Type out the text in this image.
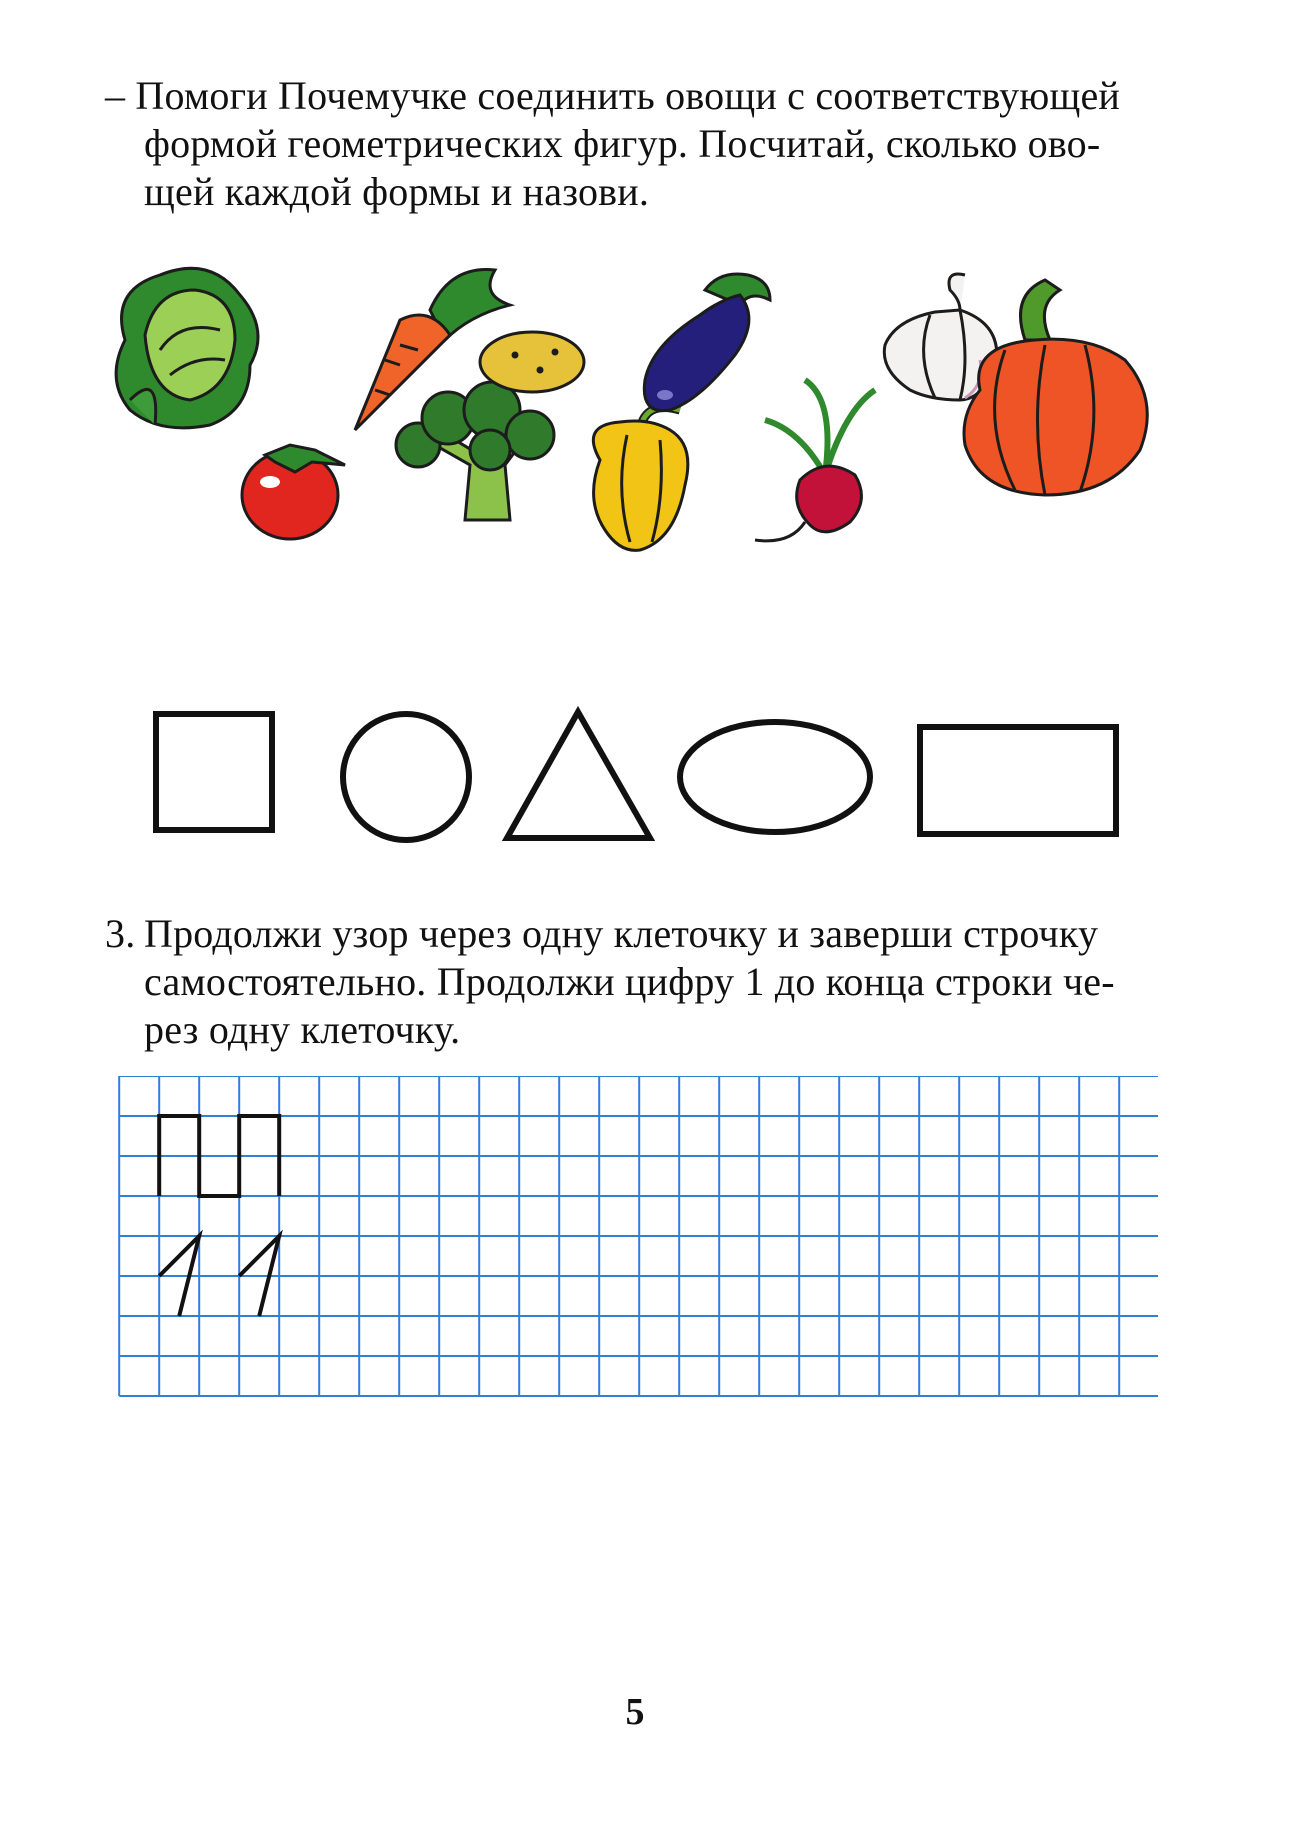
– Помоги Почемучке соединить овощи с соответствующей
формой геометрических фигур. Посчитай, сколько ово-
щей каждой формы и назови.
3. Продолжи узор через одну клеточку и заверши строчку
самостоятельно. Продолжи цифру 1 до конца строки че-
рез одну клеточку.
5
